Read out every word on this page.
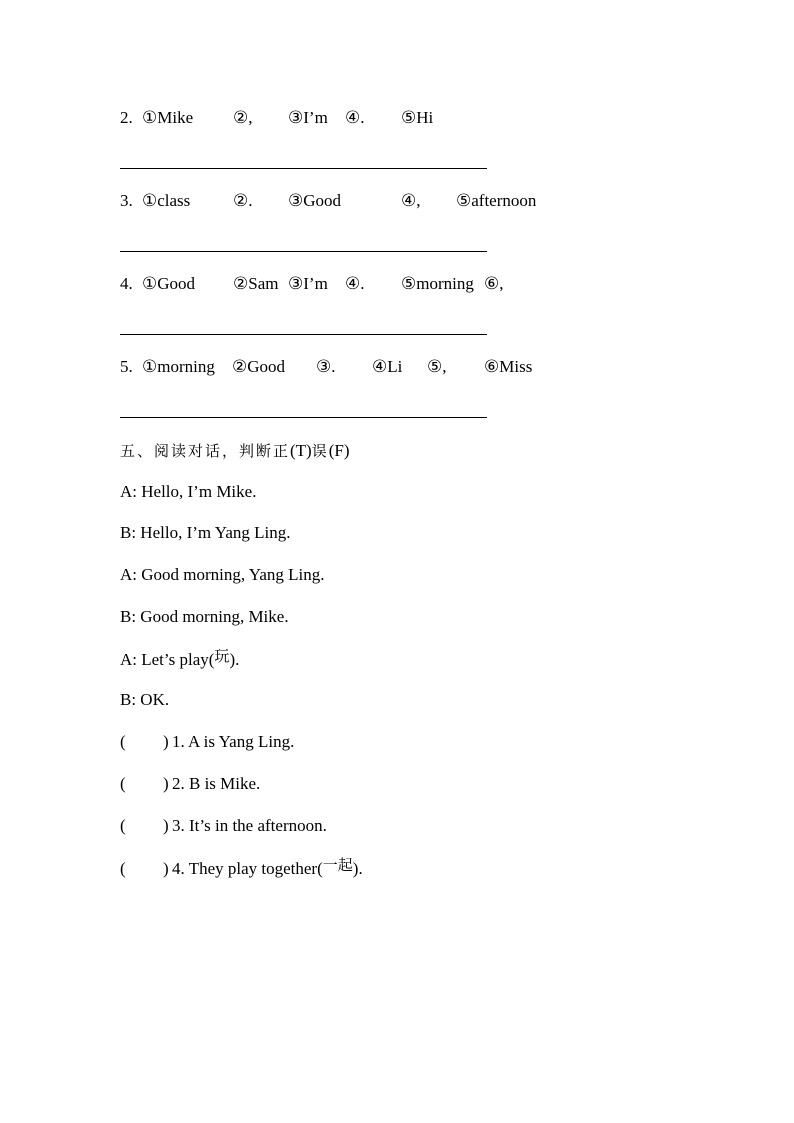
2. ①Mike ②, ③I’m ④. ⑤Hi
3. ①class	②. ③Good	④, ⑤afternoon
4. ①Good ②Sam ③I’m ④. ⑤morning ⑥,
5. ①morning ②Good ③. ④Li ⑤, ⑥Miss
五、阅读对话，判断正(T)误(F)
A: Hello, I’m Mike.
B: Hello, I’m Yang Ling.
A: Good morning, Yang Ling.
B: Good morning, Mike.
A: Let’s play(玩).
B: OK.
( ) 1. A is Yang Ling.
( ) 2. B is Mike.
( ) 3. It’s in the afternoon.
( ) 4. They play together(一起).
